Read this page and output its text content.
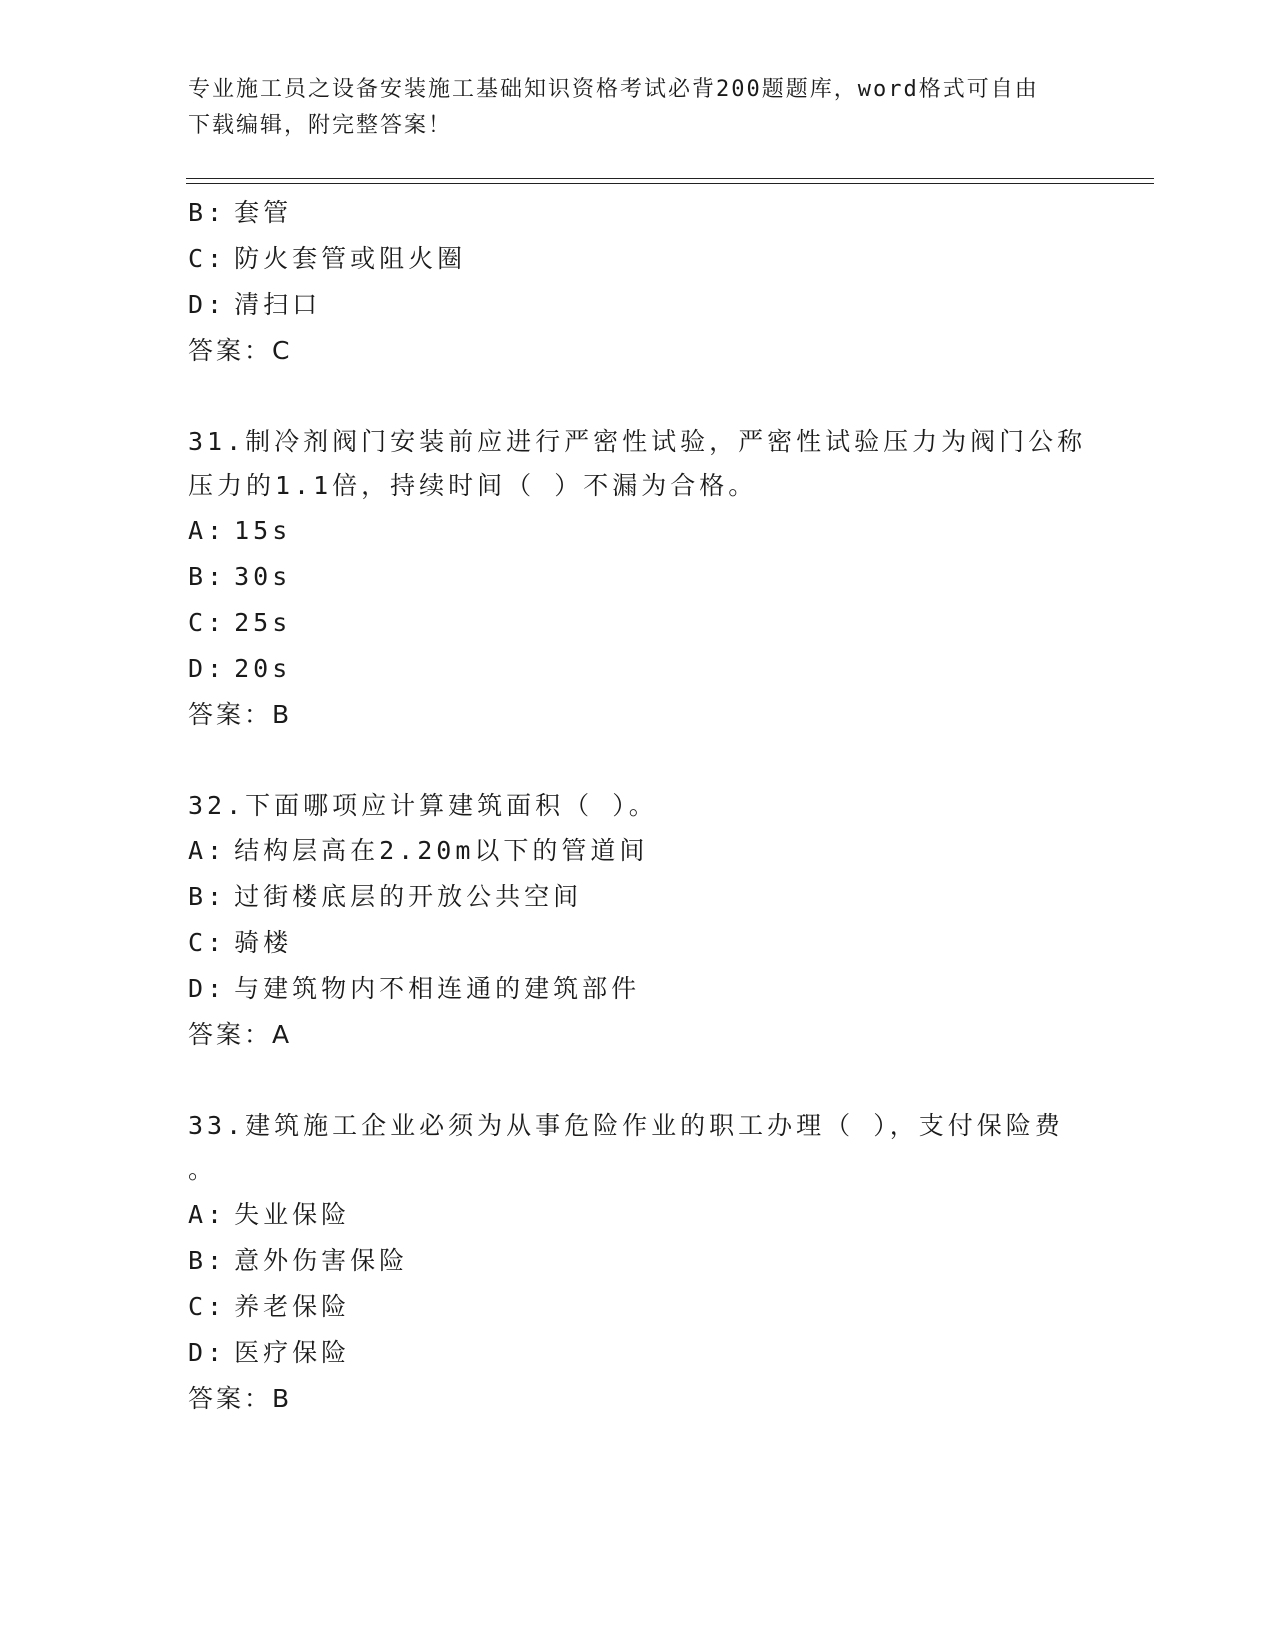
专业施工员之设备安装施工基础知识资格考试必背200题题库，word格式可自由
下载编辑，附完整答案！
B: 套管
C: 防火套管或阻火圈
D: 清扫口
答案：C
31.制冷剂阀门安装前应进行严密性试验，严密性试验压力为阀门公称
压力的1.1倍，持续时间（ ）不漏为合格。
A: 15s
B: 30s
C: 25s
D: 20s
答案：B
32.下面哪项应计算建筑面积（ ）。
A: 结构层高在2.20m以下的管道间
B: 过街楼底层的开放公共空间
C: 骑楼
D: 与建筑物内不相连通的建筑部件
答案：A
33.建筑施工企业必须为从事危险作业的职工办理（ ），支付保险费
。
A: 失业保险
B: 意外伤害保险
C: 养老保险
D: 医疗保险
答案：B
